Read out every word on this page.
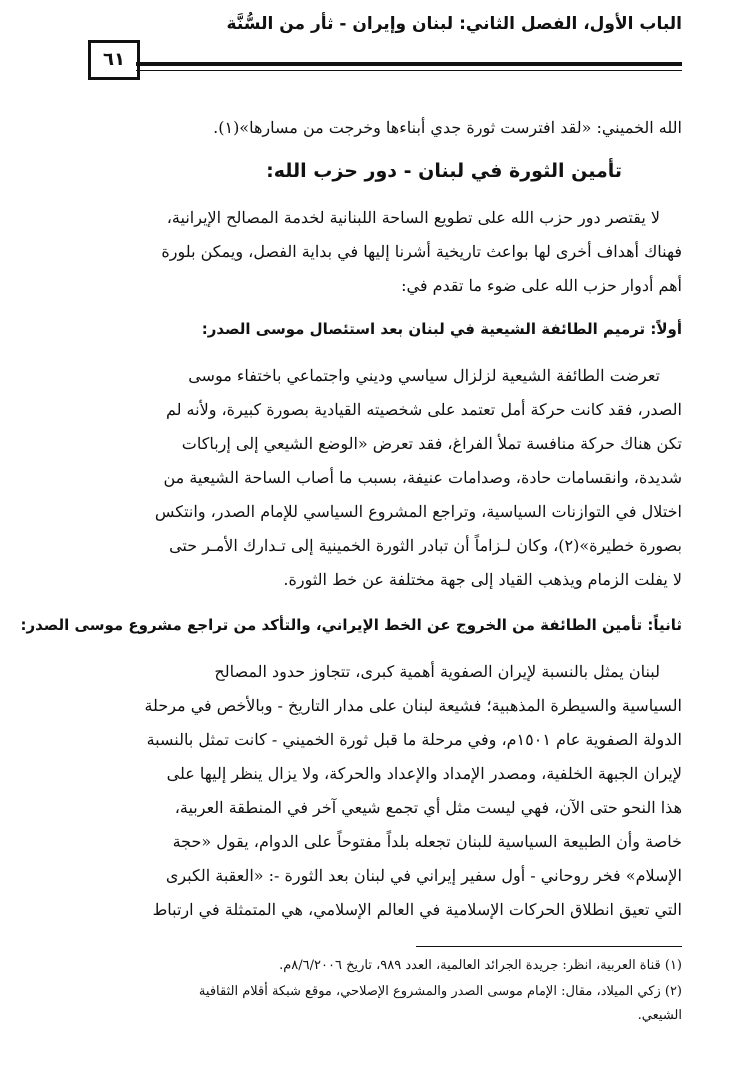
الباب الأول، الفصل الثاني: لبنان وإيران - ثأر من السُّنَّة
٦١
الله الخميني: «لقد افترست ثورة جدي أبناءها وخرجت من مسارها»(١).
تأمين الثورة في لبنان - دور حزب الله:
لا يقتصر دور حزب الله على تطويع الساحة اللبنانية لخدمة المصالح الإيرانية،
فهناك أهداف أخرى لها بواعث تاريخية أشرنا إليها في بداية الفصل، ويمكن بلورة
أهم أدوار حزب الله على ضوء ما تقدم في:
أولاً: ترميم الطائفة الشيعية في لبنان بعد استئصال موسى الصدر:
تعرضت الطائفة الشيعية لزلزال سياسي وديني واجتماعي باختفاء موسى
الصدر، فقد كانت حركة أمل تعتمد على شخصيته القيادية بصورة كبيرة، ولأنه لم
تكن هناك حركة منافسة تملأ الفراغ، فقد تعرض «الوضع الشيعي إلى إرباكات
شديدة، وانقسامات حادة، وصدامات عنيفة، بسبب ما أصاب الساحة الشيعية من
اختلال في التوازنات السياسية، وتراجع المشروع السياسي للإمام الصدر، وانتكس
بصورة خطيرة»(٢)، وكان لـزاماً أن تبادر الثورة الخمينية إلى تـدارك الأمـر حتى
لا يفلت الزمام ويذهب القياد إلى جهة مختلفة عن خط الثورة.
ثانياً: تأمين الطائفة من الخروج عن الخط الإيراني، والتأكد من تراجع مشروع موسى الصدر:
لبنان يمثل بالنسبة لإيران الصفوية أهمية كبرى، تتجاوز حدود المصالح
السياسية والسيطرة المذهبية؛ فشيعة لبنان على مدار التاريخ - وبالأخص في مرحلة
الدولة الصفوية عام ١٥٠١م، وفي مرحلة ما قبل ثورة الخميني - كانت تمثل بالنسبة
لإيران الجبهة الخلفية، ومصدر الإمداد والإعداد والحركة، ولا يزال ينظر إليها على
هذا النحو حتى الآن، فهي ليست مثل أي تجمع شيعي آخر في المنطقة العربية،
خاصة وأن الطبيعة السياسية للبنان تجعله بلداً مفتوحاً على الدوام، يقول «حجة
الإسلام» فخر روحاني - أول سفير إيراني في لبنان بعد الثورة -: «العقبة الكبرى
التي تعيق انطلاق الحركات الإسلامية في العالم الإسلامي، هي المتمثلة في ارتباط
(١) قناة العربية، انظر: جريدة الجرائد العالمية، العدد ٩٨٩، تاريخ ٨/٦/٢٠٠٦م.
(٢) زكي الميلاد، مقال: الإمام موسى الصدر والمشروع الإصلاحي، موقع شبكة أقلام الثقافية
الشيعي.
